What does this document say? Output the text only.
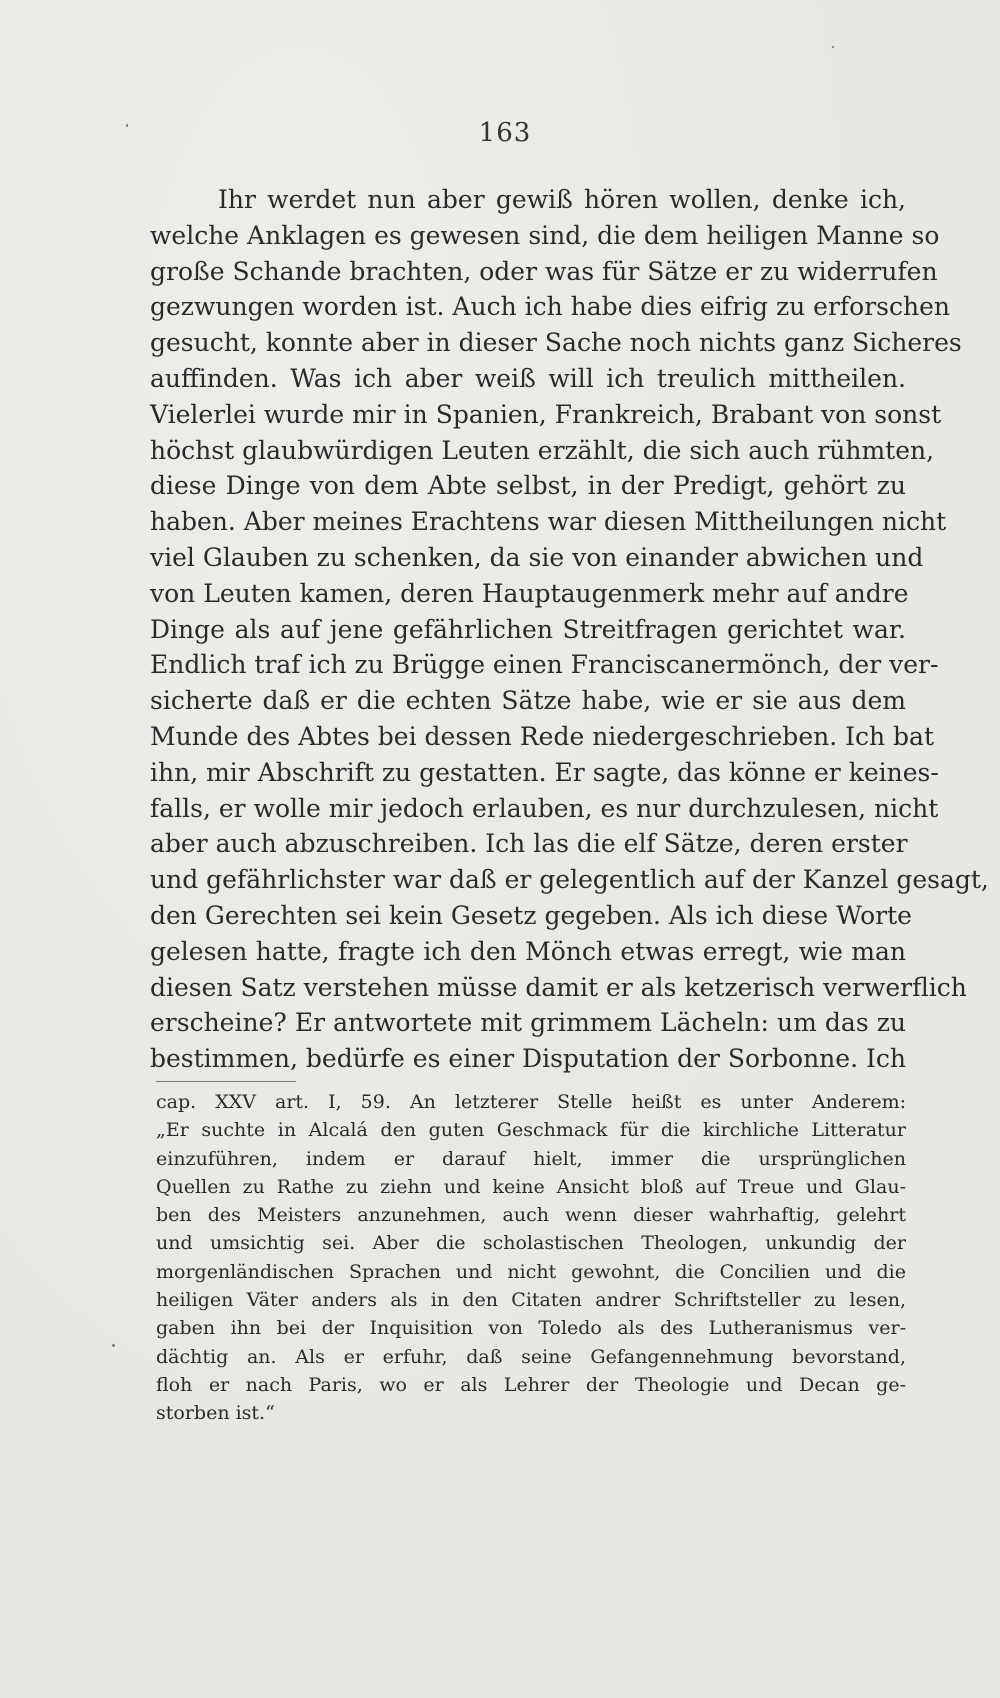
163
Ihr werdet nun aber gewiß hören wollen, denke ich,
welche Anklagen es gewesen sind, die dem heiligen Manne so
große Schande brachten, oder was für Sätze er zu widerrufen
gezwungen worden ist. Auch ich habe dies eifrig zu erforschen
gesucht, konnte aber in dieser Sache noch nichts ganz Sicheres
auffinden. Was ich aber weiß will ich treulich mittheilen.
Vielerlei wurde mir in Spanien, Frankreich, Brabant von sonst
höchst glaubwürdigen Leuten erzählt, die sich auch rühmten,
diese Dinge von dem Abte selbst, in der Predigt, gehört zu
haben. Aber meines Erachtens war diesen Mittheilungen nicht
viel Glauben zu schenken, da sie von einander abwichen und
von Leuten kamen, deren Hauptaugenmerk mehr auf andre
Dinge als auf jene gefährlichen Streitfragen gerichtet war.
Endlich traf ich zu Brügge einen Franciscanermönch, der ver-
sicherte daß er die echten Sätze habe, wie er sie aus dem
Munde des Abtes bei dessen Rede niedergeschrieben. Ich bat
ihn, mir Abschrift zu gestatten. Er sagte, das könne er keines-
falls, er wolle mir jedoch erlauben, es nur durchzulesen, nicht
aber auch abzuschreiben. Ich las die elf Sätze, deren erster
und gefährlichster war daß er gelegentlich auf der Kanzel gesagt,
den Gerechten sei kein Gesetz gegeben. Als ich diese Worte
gelesen hatte, fragte ich den Mönch etwas erregt, wie man
diesen Satz verstehen müsse damit er als ketzerisch verwerflich
erscheine? Er antwortete mit grimmem Lächeln: um das zu
bestimmen, bedürfe es einer Disputation der Sorbonne. Ich
cap. XXV art. I, 59. An letzterer Stelle heißt es unter Anderem:
„Er suchte in Alcalá den guten Geschmack für die kirchliche Litteratur
einzuführen, indem er darauf hielt, immer die ursprünglichen
Quellen zu Rathe zu ziehn und keine Ansicht bloß auf Treue und Glau-
ben des Meisters anzunehmen, auch wenn dieser wahrhaftig, gelehrt
und umsichtig sei. Aber die scholastischen Theologen, unkundig der
morgenländischen Sprachen und nicht gewohnt, die Concilien und die
heiligen Väter anders als in den Citaten andrer Schriftsteller zu lesen,
gaben ihn bei der Inquisition von Toledo als des Lutheranismus ver-
dächtig an. Als er erfuhr, daß seine Gefangennehmung bevorstand,
floh er nach Paris, wo er als Lehrer der Theologie und Decan ge-
storben ist.“
